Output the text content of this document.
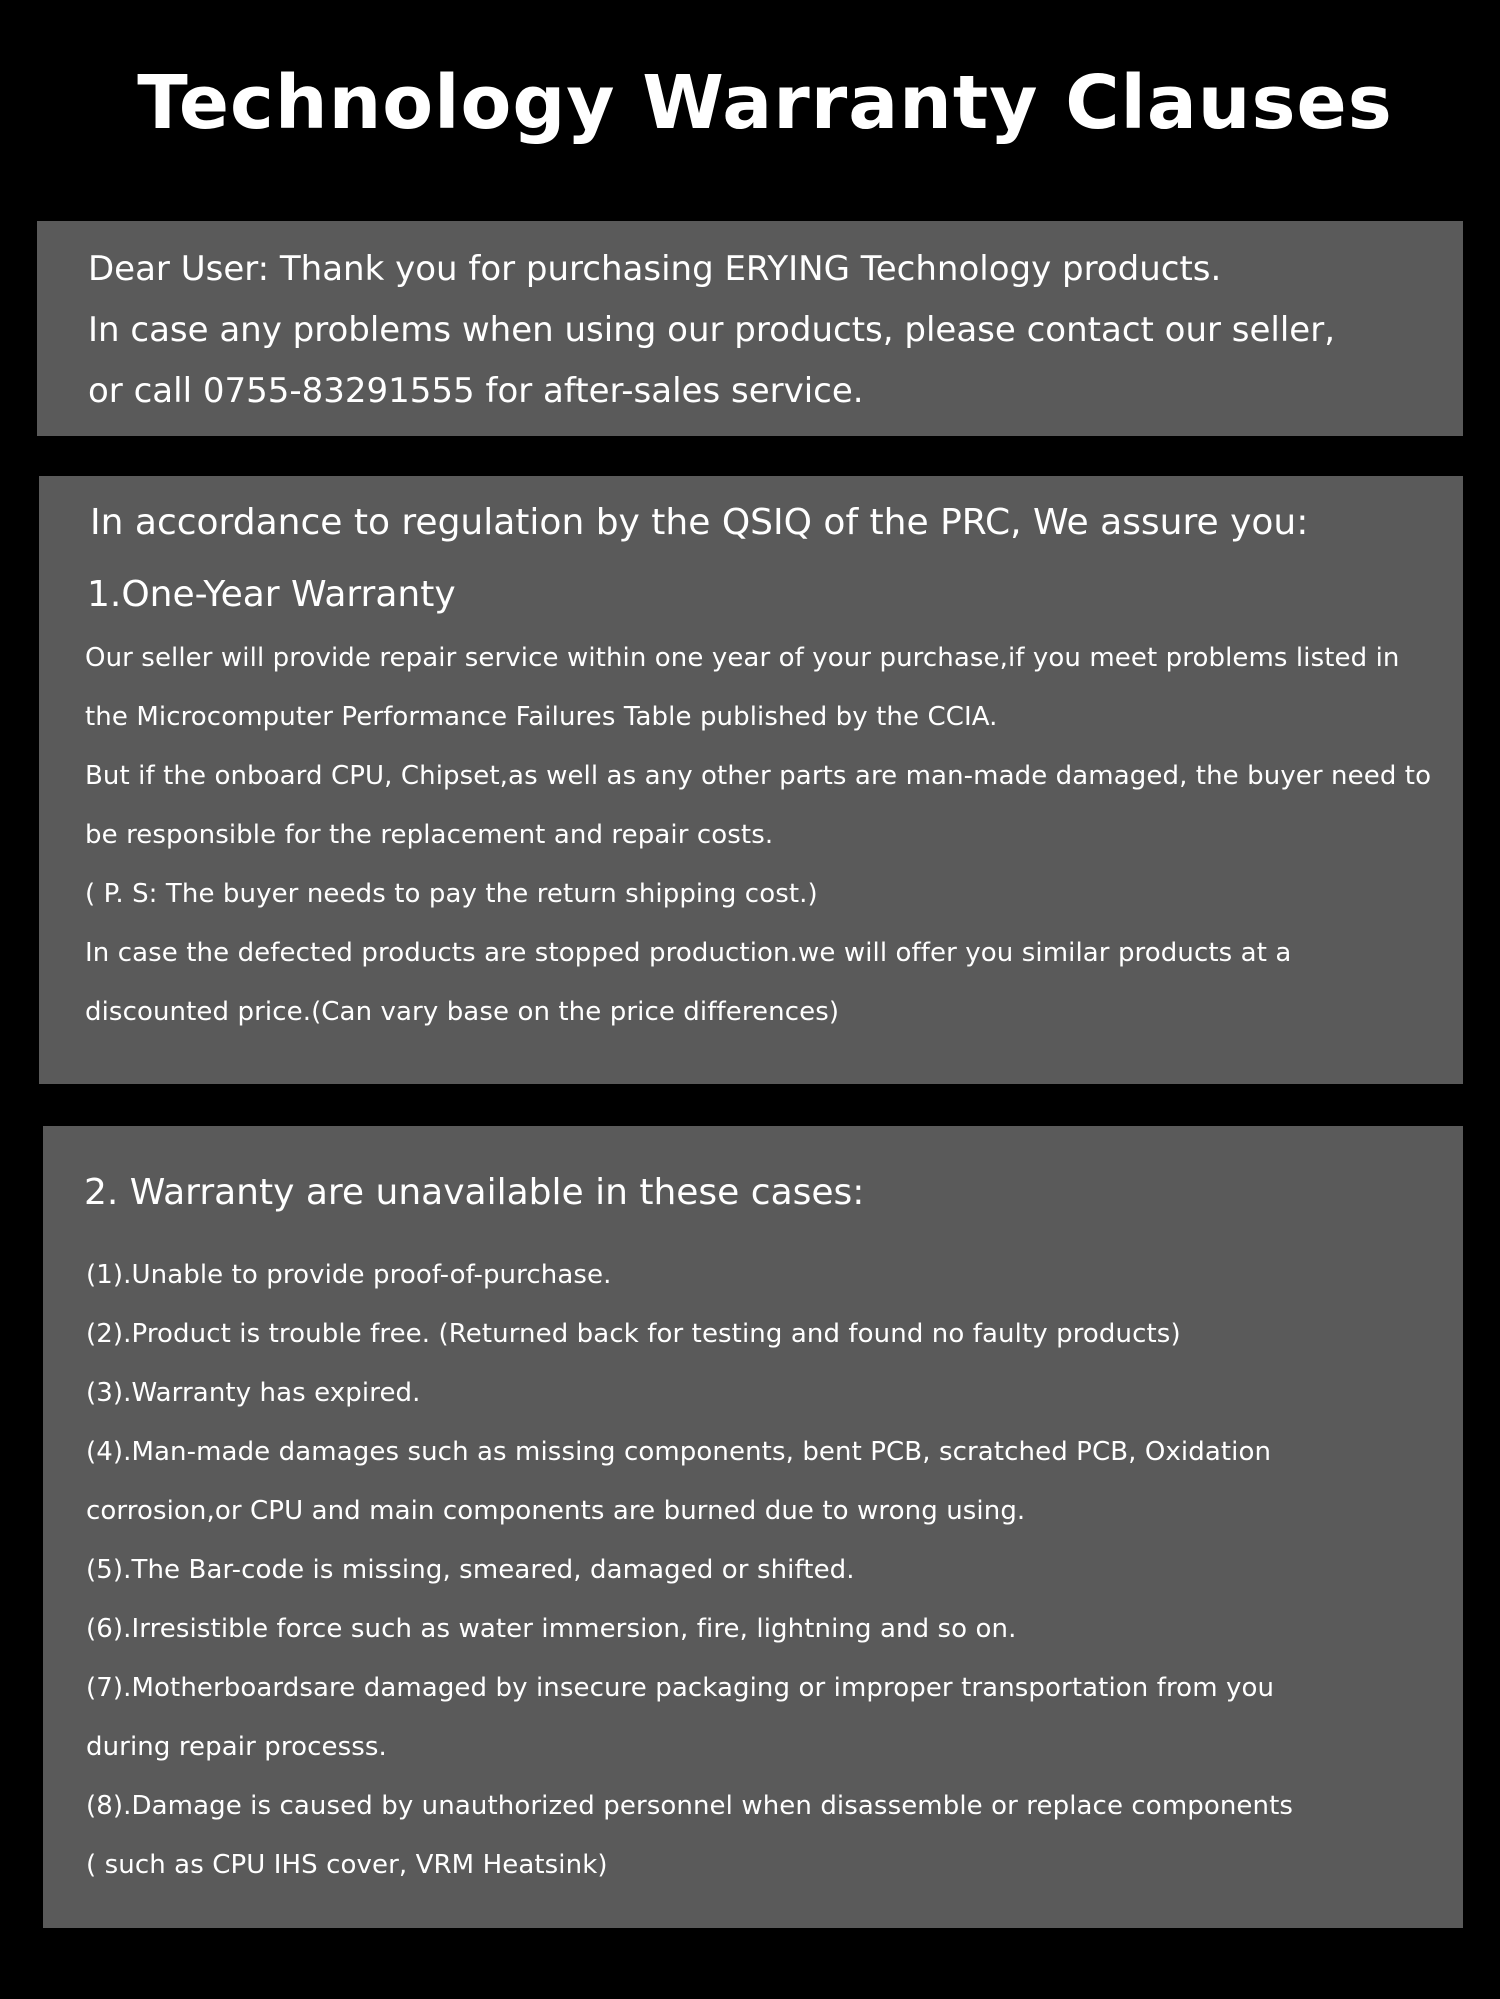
Technology Warranty Clauses
Dear User: Thank you for purchasing ERYING Technology products.
In case any problems when using our products, please contact our seller,
or call 0755-83291555 for after-sales service.
In accordance to regulation by the QSIQ of the PRC, We assure you:
1.One-Year Warranty
Our seller will provide repair service within one year of your purchase,if you meet problems listed in
the Microcomputer Performance Failures Table published by the CCIA.
But if the onboard CPU, Chipset,as well as any other parts are man-made damaged, the buyer need to
be responsible for the replacement and repair costs.
( P. S: The buyer needs to pay the return shipping cost.)
In case the defected products are stopped production.we will offer you similar products at a
discounted price.(Can vary base on the price differences)
2. Warranty are unavailable in these cases:
(1).Unable to provide proof-of-purchase.
(2).Product is trouble free. (Returned back for testing and found no faulty products)
(3).Warranty has expired.
(4).Man-made damages such as missing components, bent PCB, scratched PCB, Oxidation
corrosion,or CPU and main components are burned due to wrong using.
(5).The Bar-code is missing, smeared, damaged or shifted.
(6).Irresistible force such as water immersion, fire, lightning and so on.
(7).Motherboardsare damaged by insecure packaging or improper transportation from you
during repair processs.
(8).Damage is caused by unauthorized personnel when disassemble or replace components
( such as CPU IHS cover, VRM Heatsink)
